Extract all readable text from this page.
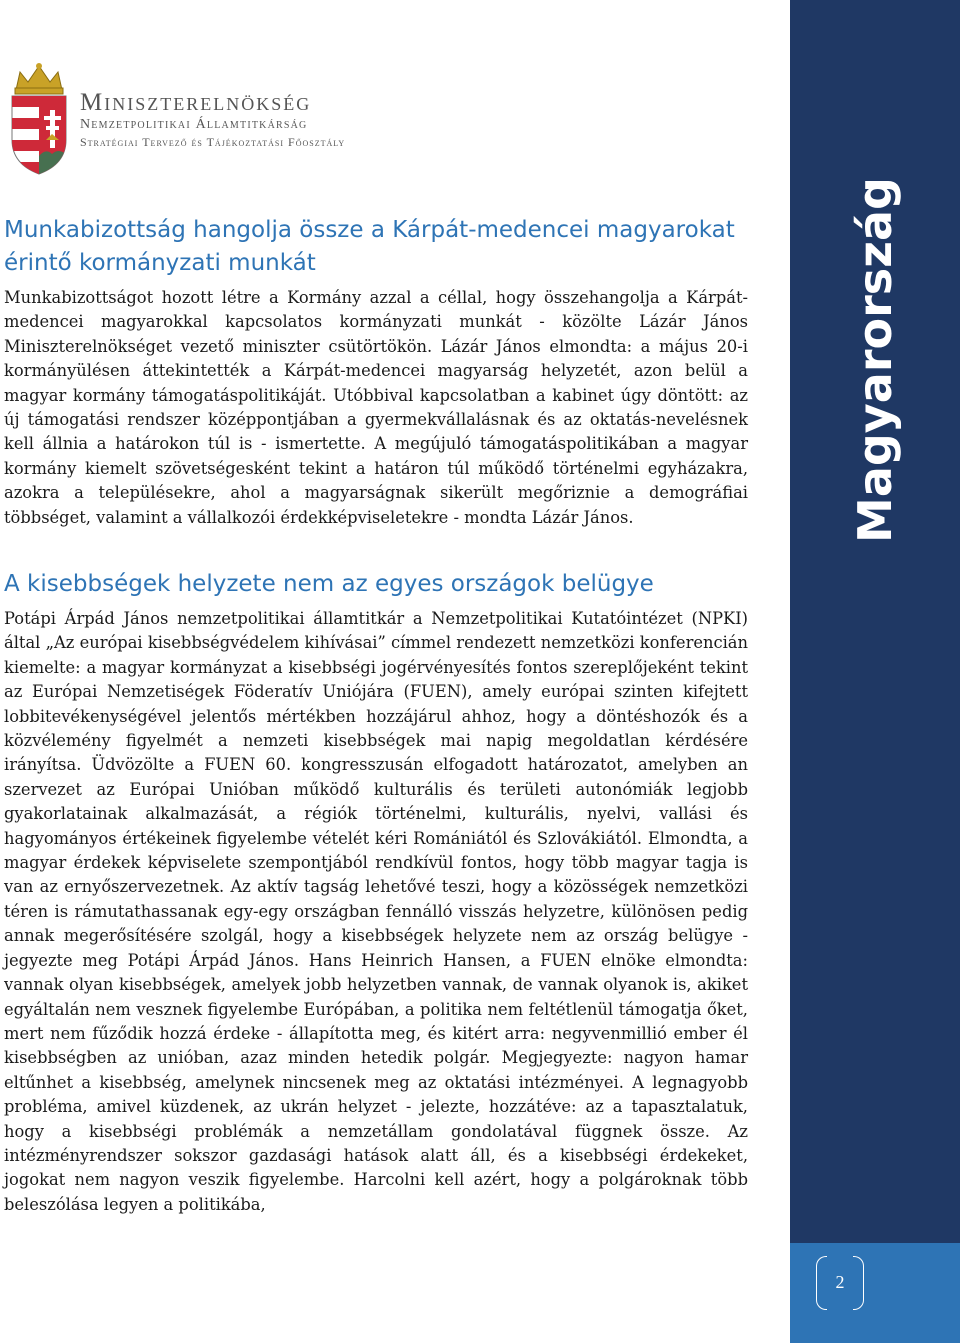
Magyarország
2
Miniszterelnökség
Nemzetpolitikai Államtitkárság
Stratégiai Tervező és Tájékoztatási Főosztály
Munkabizottság hangolja össze a Kárpát-medencei magyarokat érintő kormányzati munkát

Munkabizottságot hozott létre a Kormány azzal a céllal, hogy összehangolja a Kárpát-medencei magyarokkal kapcsolatos kormányzati munkát - közölte Lázár János Miniszterelnökséget vezető miniszter csütörtökön. Lázár János elmondta: a május 20-i kormányülésen áttekintették a Kárpát-medencei magyarság helyzetét, azon belül a magyar kormány támogatáspolitikáját. Utóbbival kapcsolatban a kabinet úgy döntött: az új támogatási rendszer középpontjában a gyermekvállalásnak és az oktatás-nevelésnek kell állnia a határokon túl is - ismertette. A megújuló támogatáspolitikában a magyar kormány kiemelt szövetségesként tekint a határon túl működő történelmi egyházakra, azokra a településekre, ahol a magyarságnak sikerült megőriznie a demográfiai többséget, valamint a vállalkozói érdekképviseletekre - mondta Lázár János.

A kisebbségek helyzete nem az egyes országok belügye

Potápi Árpád János nemzetpolitikai államtitkár a Nemzetpolitikai Kutatóintézet (NPKI) által „Az európai kisebbségvédelem kihívásai” címmel rendezett nemzetközi konferencián kiemelte: a magyar kormányzat a kisebbségi jogérvényesítés fontos szereplőjeként tekint az Európai Nemzetiségek Föderatív Uniójára (FUEN), amely európai szinten kifejtett lobbitevékenységével jelentős mértékben hozzájárul ahhoz, hogy a döntéshozók és a közvélemény figyelmét a nemzeti kisebbségek mai napig megoldatlan kérdésére irányítsa. Üdvözölte a FUEN 60. kongresszusán elfogadott határozatot, amelyben an szervezet az Európai Unióban működő kulturális és területi autonómiák legjobb gyakorlatainak alkalmazását, a régiók történelmi, kulturális, nyelvi, vallási és hagyományos értékeinek figyelembe vételét kéri Romániától és Szlovákiától. Elmondta, a magyar érdekek képviselete szempontjából rendkívül fontos, hogy több magyar tagja is van az ernyőszervezetnek. Az aktív tagság lehetővé teszi, hogy a közösségek nemzetközi téren is rámutathassanak egy-egy országban fennálló visszás helyzetre, különösen pedig annak megerősítésére szolgál, hogy a kisebbségek helyzete nem az ország belügye - jegyezte meg Potápi Árpád János. Hans Heinrich Hansen, a FUEN elnöke elmondta: vannak olyan kisebbségek, amelyek jobb helyzetben vannak, de vannak olyanok is, akiket egyáltalán nem vesznek figyelembe Európában, a politika nem feltétlenül támogatja őket, mert nem fűződik hozzá érdeke - állapította meg, és kitért arra: negyvenmillió ember él kisebbségben az unióban, azaz minden hetedik polgár. Megjegyezte: nagyon hamar eltűnhet a kisebbség, amelynek nincsenek meg az oktatási intézményei. A legnagyobb probléma, amivel küzdenek, az ukrán helyzet - jelezte, hozzátéve: az a tapasztalatuk, hogy a kisebbségi problémák a nemzetállam gondolatával függnek össze. Az intézményrendszer sokszor gazdasági hatások alatt áll, és a kisebbségi érdekeket, jogokat nem nagyon veszik figyelembe. Harcolni kell azért, hogy a polgároknak több beleszólása legyen a politikába,
